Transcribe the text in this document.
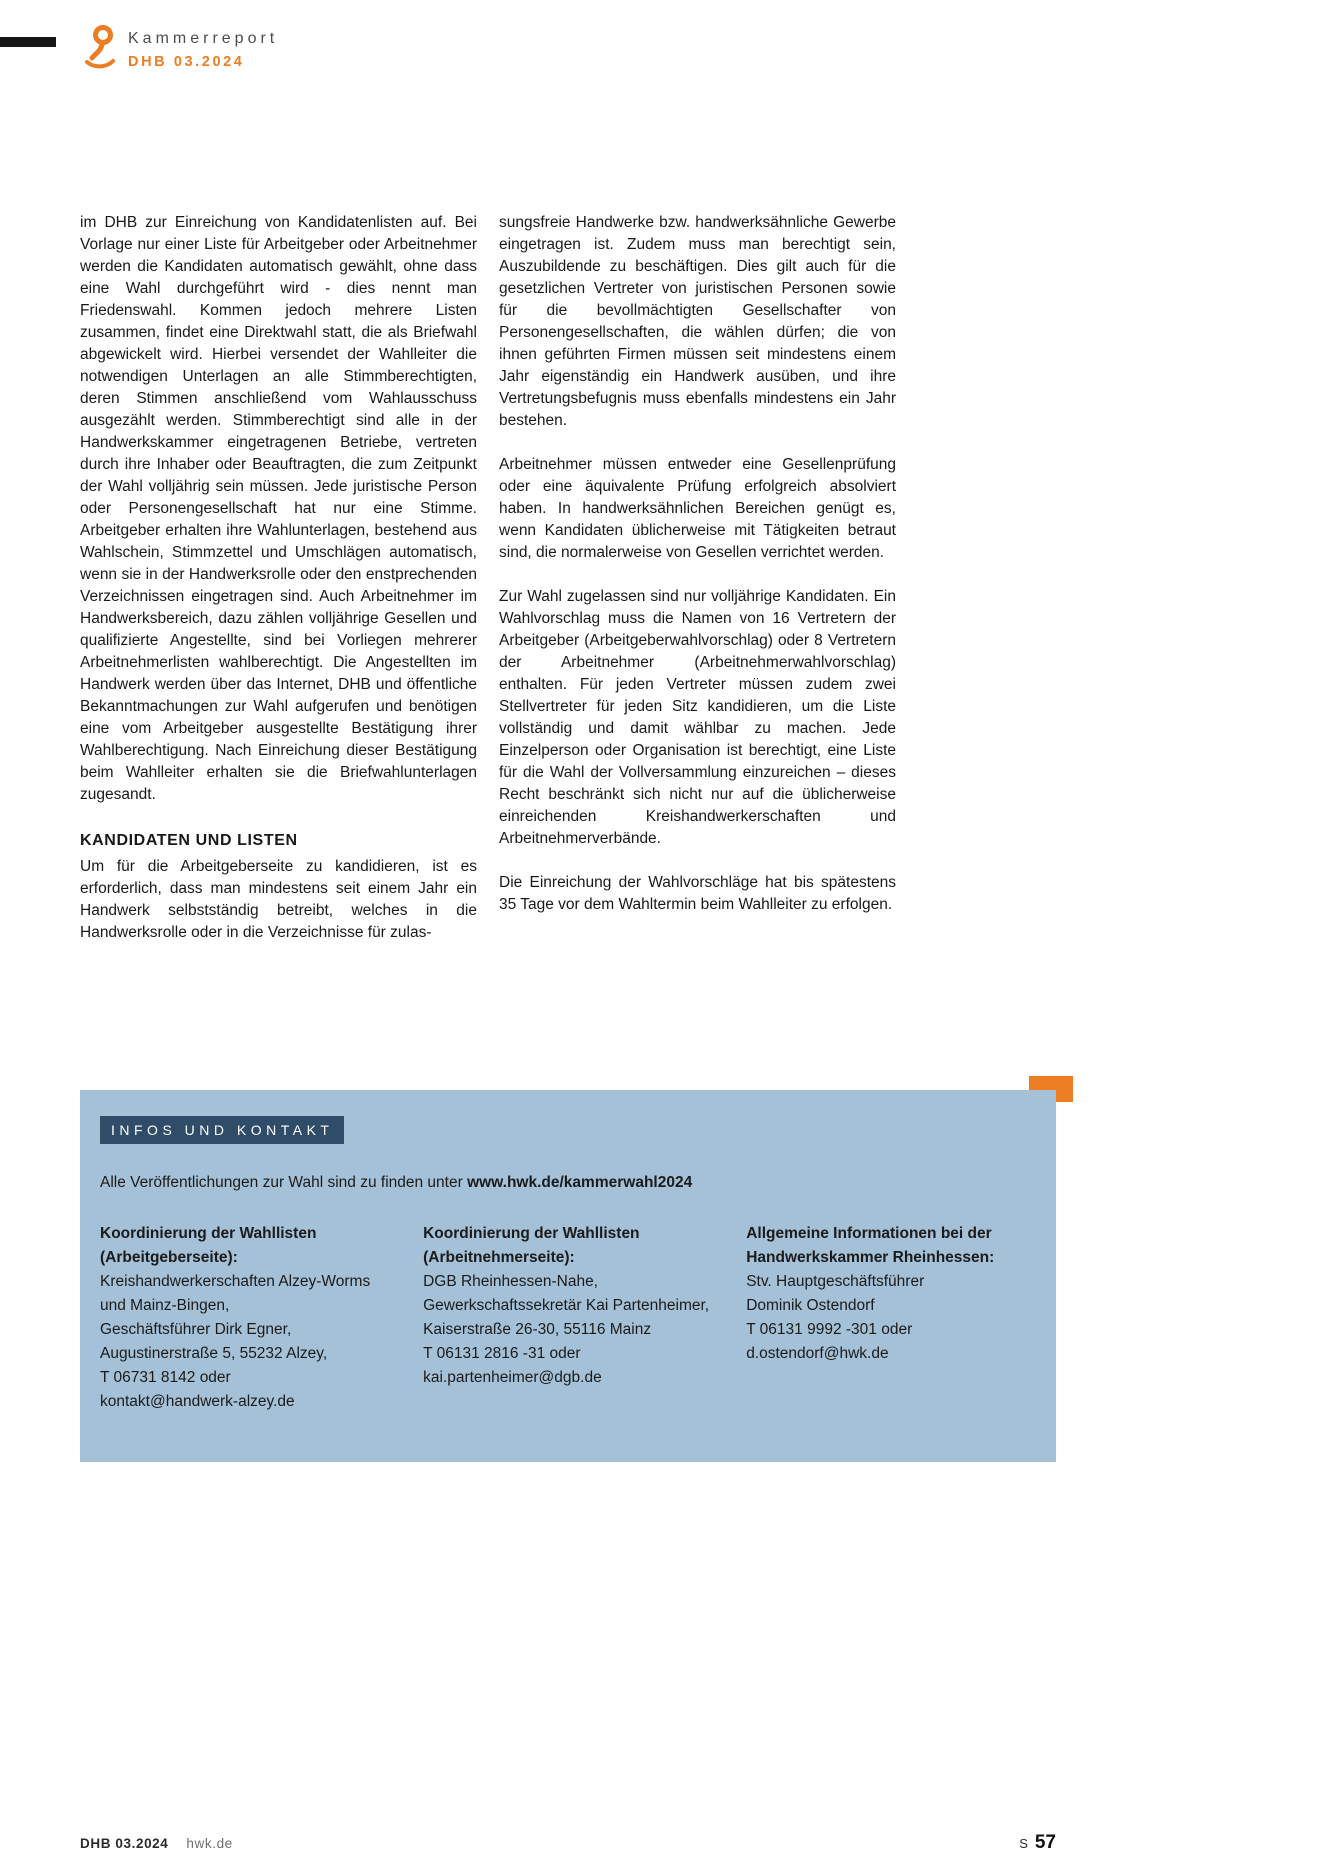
Kammerreport
DHB 03.2024

im DHB zur Einreichung von Kandidatenlisten auf. Bei Vorlage nur einer Liste für Arbeitgeber oder Arbeitnehmer werden die Kandidaten automatisch gewählt, ohne dass eine Wahl durchgeführt wird - dies nennt man Friedenswahl. Kommen jedoch mehrere Listen zusammen, findet eine Direktwahl statt, die als Briefwahl abgewickelt wird. Hierbei versendet der Wahlleiter die notwendigen Unterlagen an alle Stimmberechtigten, deren Stimmen anschließend vom Wahlausschuss ausgezählt werden. Stimmberechtigt sind alle in der Handwerkskammer eingetragenen Betriebe, vertreten durch ihre Inhaber oder Beauftragten, die zum Zeitpunkt der Wahl volljährig sein müssen. Jede juristische Person oder Personengesellschaft hat nur eine Stimme. Arbeitgeber erhalten ihre Wahlunterlagen, bestehend aus Wahlschein, Stimmzettel und Umschlägen automatisch, wenn sie in der Handwerksrolle oder den enstprechenden Verzeichnissen eingetragen sind. Auch Arbeitnehmer im Handwerksbereich, dazu zählen volljährige Gesellen und qualifizierte Angestellte, sind bei Vorliegen mehrerer Arbeitnehmerlisten wahlberechtigt. Die Angestellten im Handwerk werden über das Internet, DHB und öffentliche Bekanntmachungen zur Wahl aufgerufen und benötigen eine vom Arbeitgeber ausgestellte Bestätigung ihrer Wahlberechtigung. Nach Einreichung dieser Bestätigung beim Wahlleiter erhalten sie die Briefwahlunterlagen zugesandt.

KANDIDATEN UND LISTEN

Um für die Arbeitgeberseite zu kandidieren, ist es erforderlich, dass man mindestens seit einem Jahr ein Handwerk selbstständig betreibt, welches in die Handwerksrolle oder in die Verzeichnisse für zulas-

sungsfreie Handwerke bzw. handwerksähnliche Gewerbe eingetragen ist. Zudem muss man berechtigt sein, Auszubildende zu beschäftigen. Dies gilt auch für die gesetzlichen Vertreter von juristischen Personen sowie für die bevollmächtigten Gesellschafter von Personengesellschaften, die wählen dürfen; die von ihnen geführten Firmen müssen seit mindestens einem Jahr eigenständig ein Handwerk ausüben, und ihre Vertretungsbefugnis muss ebenfalls mindestens ein Jahr bestehen.

Arbeitnehmer müssen entweder eine Gesellenprüfung oder eine äquivalente Prüfung erfolgreich absolviert haben. In handwerksähnlichen Bereichen genügt es, wenn Kandidaten üblicherweise mit Tätigkeiten betraut sind, die normalerweise von Gesellen verrichtet werden.

Zur Wahl zugelassen sind nur volljährige Kandidaten. Ein Wahlvorschlag muss die Namen von 16 Vertretern der Arbeitgeber (Arbeitgeberwahlvorschlag) oder 8 Vertretern der Arbeitnehmer (Arbeitnehmerwahlvorschlag) enthalten. Für jeden Vertreter müssen zudem zwei Stellvertreter für jeden Sitz kandidieren, um die Liste vollständig und damit wählbar zu machen. Jede Einzelperson oder Organisation ist berechtigt, eine Liste für die Wahl der Vollversammlung einzureichen – dieses Recht beschränkt sich nicht nur auf die üblicherweise einreichenden Kreishandwerkerschaften und Arbeitnehmerverbände.

Die Einreichung der Wahlvorschläge hat bis spätestens 35 Tage vor dem Wahltermin beim Wahlleiter zu erfolgen.

INFOS UND KONTAKT
Alle Veröffentlichungen zur Wahl sind zu finden unter www.hwk.de/kammerwahl2024
Koordinierung der Wahllisten
(Arbeitgeberseite):
Kreishandwerkerschaften Alzey-Worms
und Mainz-Bingen,
Geschäftsführer Dirk Egner,
Augustinerstraße 5, 55232 Alzey,
T 06731 8142 oder
kontakt@handwerk-alzey.de
Koordinierung der Wahllisten
(Arbeitnehmerseite):
DGB Rheinhessen-Nahe,
Gewerkschaftssekretär Kai Partenheimer,
Kaiserstraße 26-30, 55116 Mainz
T 06131 2816 -31 oder
kai.partenheimer@dgb.de
Allgemeine Informationen bei der
Handwerkskammer Rheinhessen:
Stv. Hauptgeschäftsführer
Dominik Ostendorf
T 06131 9992 -301 oder
d.ostendorf@hwk.de
DHB 03.2024 hwk.de	S 57
